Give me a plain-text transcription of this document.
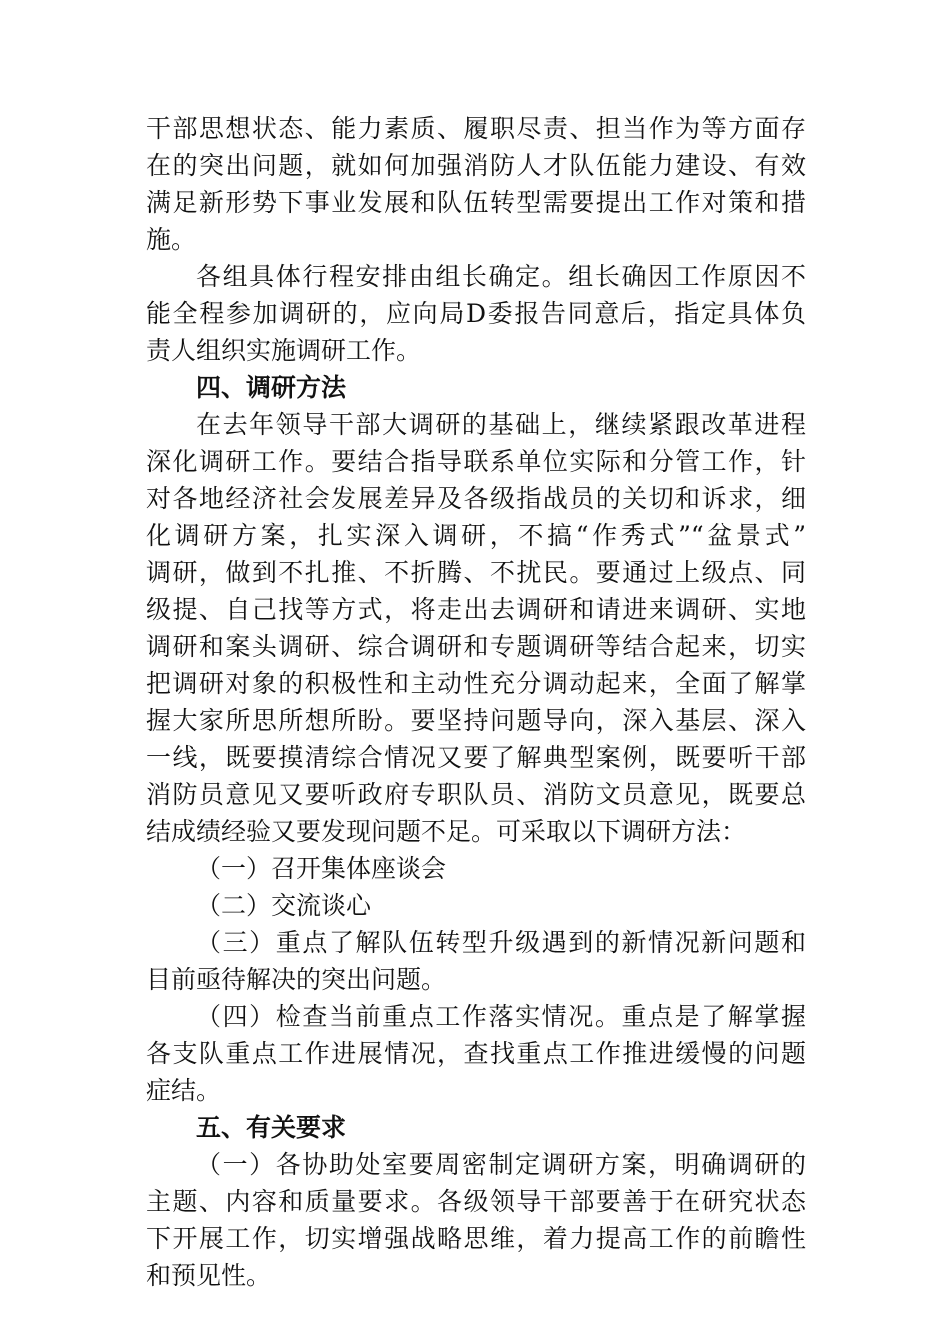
干部思想状态、能力素质、履职尽责、担当作为等方面存
在的突出问题，就如何加强消防人才队伍能力建设、有效
满足新形势下事业发展和队伍转型需要提出工作对策和措
施。
各组具体行程安排由组长确定。组长确因工作原因不
能全程参加调研的，应向局D委报告同意后，指定具体负
责人组织实施调研工作。
四、调研方法
在去年领导干部大调研的基础上，继续紧跟改革进程
深化调研工作。要结合指导联系单位实际和分管工作，针
对各地经济社会发展差异及各级指战员的关切和诉求，细
化调研方案，扎实深入调研，不搞“作秀式”“盆景式”
调研，做到不扎推、不折腾、不扰民。要通过上级点、同
级提、自己找等方式，将走出去调研和请进来调研、实地
调研和案头调研、综合调研和专题调研等结合起来，切实
把调研对象的积极性和主动性充分调动起来，全面了解掌
握大家所思所想所盼。要坚持问题导向，深入基层、深入
一线，既要摸清综合情况又要了解典型案例，既要听干部
消防员意见又要听政府专职队员、消防文员意见，既要总
结成绩经验又要发现问题不足。可采取以下调研方法：
（一）召开集体座谈会
（二）交流谈心
（三）重点了解队伍转型升级遇到的新情况新问题和
目前亟待解决的突出问题。
（四）检查当前重点工作落实情况。重点是了解掌握
各支队重点工作进展情况，查找重点工作推进缓慢的问题
症结。
五、有关要求
（一）各协助处室要周密制定调研方案，明确调研的
主题、内容和质量要求。各级领导干部要善于在研究状态
下开展工作，切实增强战略思维，着力提高工作的前瞻性
和预见性。
